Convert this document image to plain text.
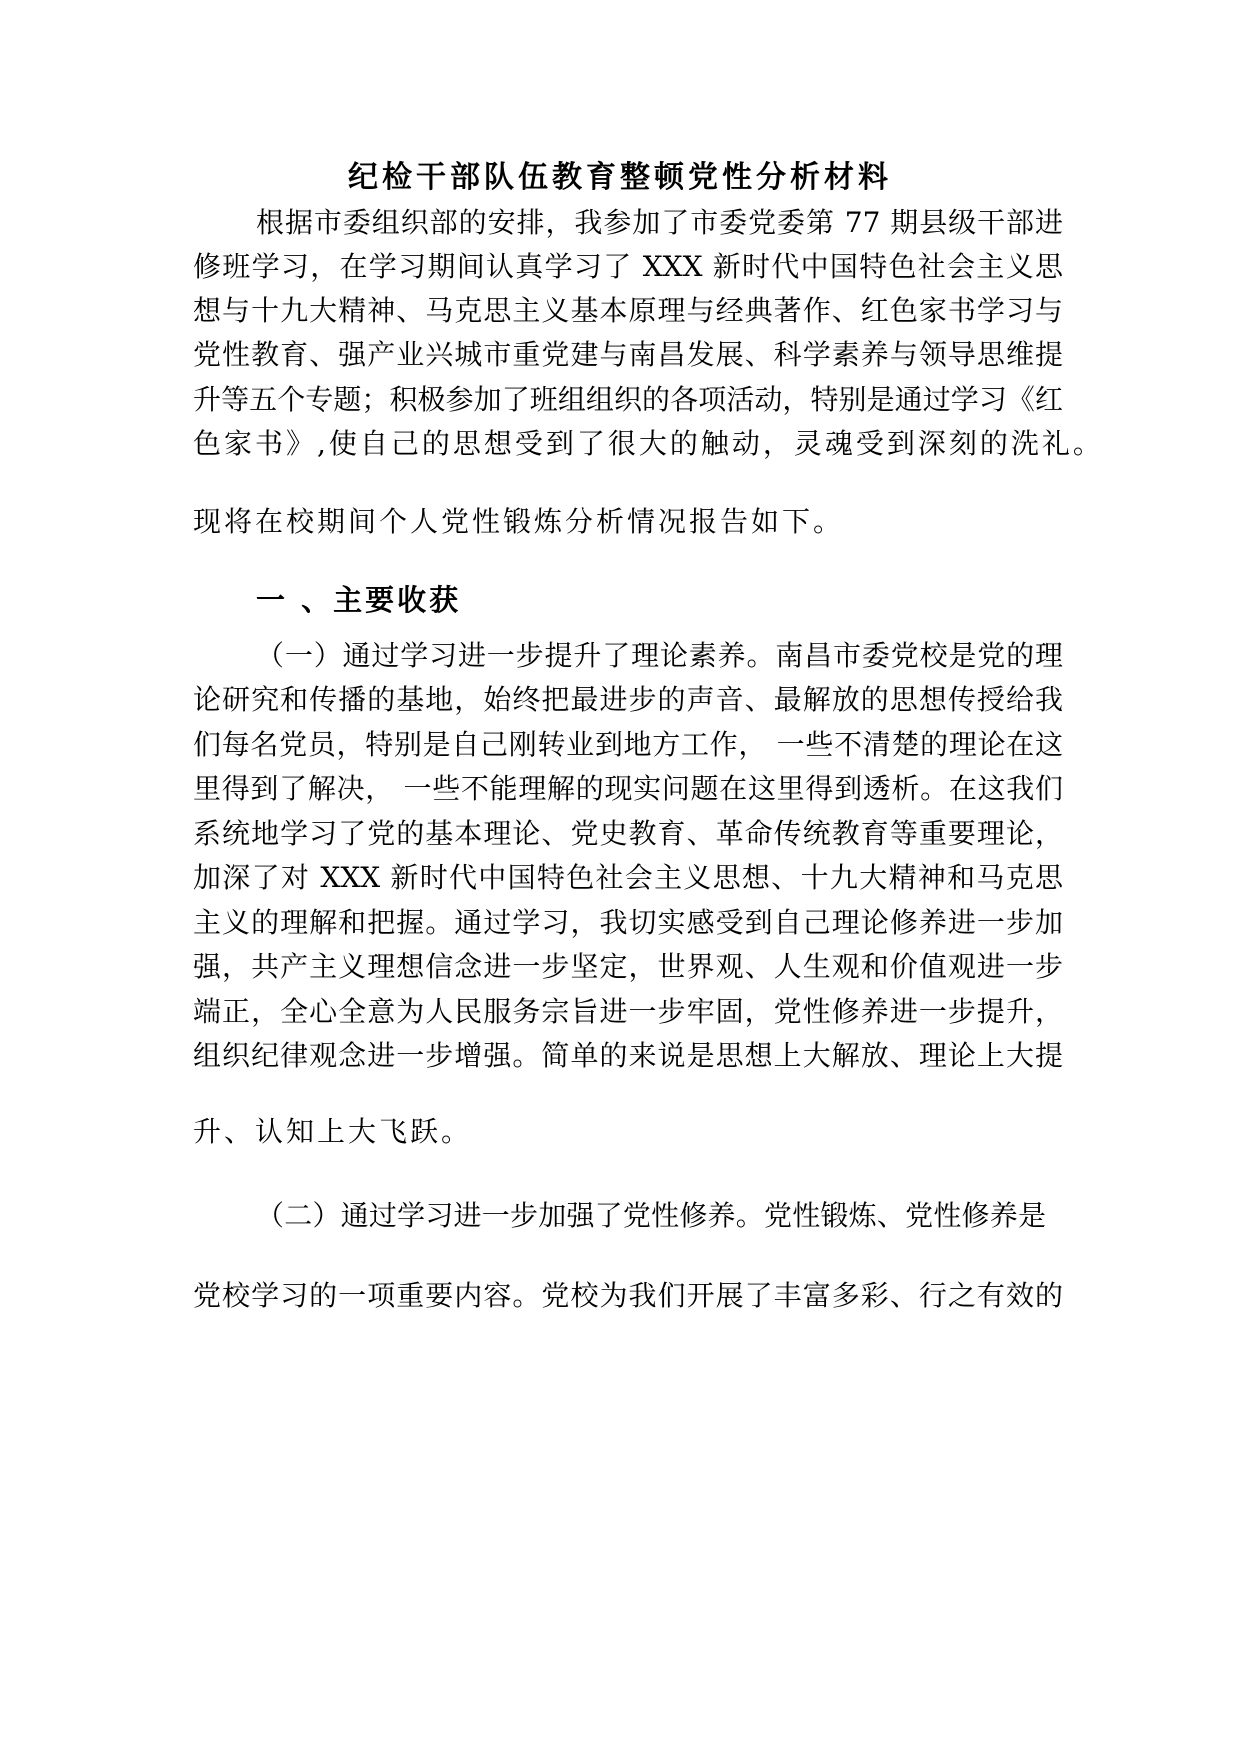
纪检干部队伍教育整顿党性分析材料

根据市委组织部的安排，我参加了市委党委第 77 期县级干部进

修班学习，在学习期间认真学习了 XXX 新时代中国特色社会主义思

想与十九大精神、马克思主义基本原理与经典著作、红色家书学习与

党性教育、强产业兴城市重党建与南昌发展、科学素养与领导思维提

升等五个专题；积极参加了班组组织的各项活动，特别是通过学习《红

色家书》,使自己的思想受到了很大的触动，灵魂受到深刻的洗礼。

现将在校期间个人党性锻炼分析情况报告如下。

一 、主要收获

（一）通过学习进一步提升了理论素养。南昌市委党校是党的理

论研究和传播的基地，始终把最进步的声音、最解放的思想传授给我

们每名党员，特别是自己刚转业到地方工作， 一些不清楚的理论在这

里得到了解决， 一些不能理解的现实问题在这里得到透析。在这我们

系统地学习了党的基本理论、党史教育、革命传统教育等重要理论，

加深了对 XXX 新时代中国特色社会主义思想、十九大精神和马克思

主义的理解和把握。通过学习，我切实感受到自己理论修养进一步加

强，共产主义理想信念进一步坚定，世界观、人生观和价值观进一步

端正，全心全意为人民服务宗旨进一步牢固，党性修养进一步提升，

组织纪律观念进一步增强。简单的来说是思想上大解放、理论上大提

升、认知上大飞跃。

（二）通过学习进一步加强了党性修养。党性锻炼、党性修养是

党校学习的一项重要内容。党校为我们开展了丰富多彩、行之有效的
